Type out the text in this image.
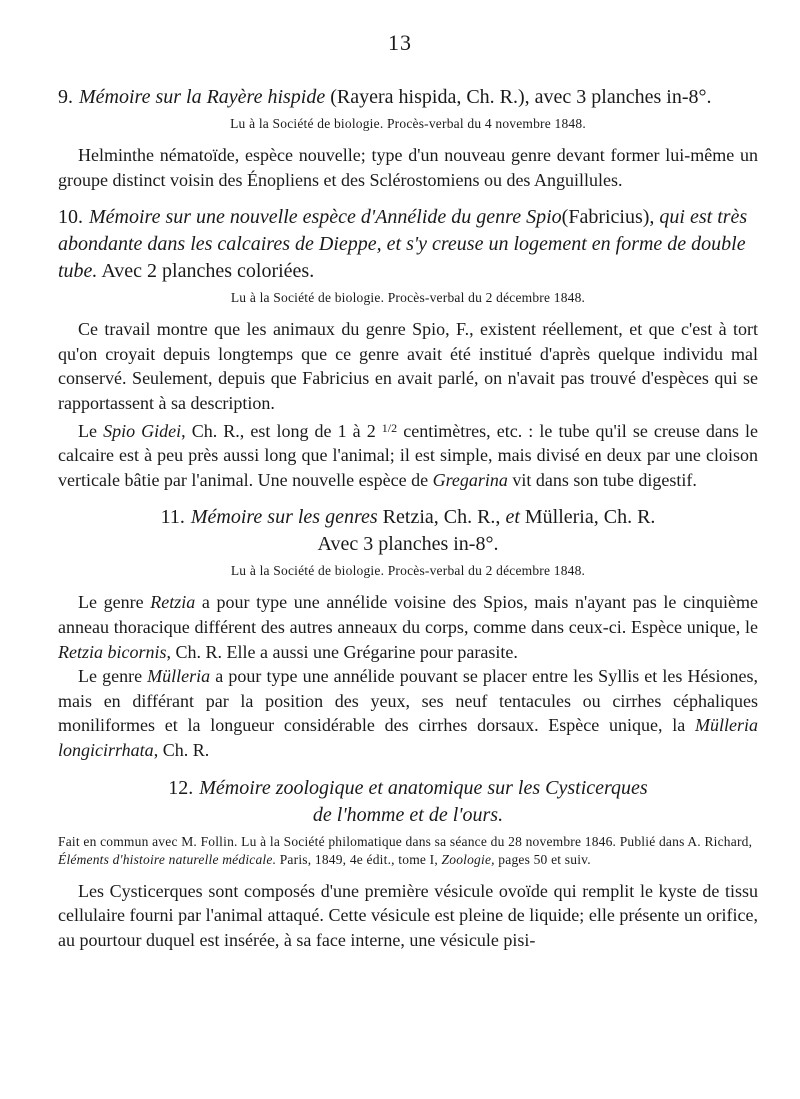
13

9. Mémoire sur la Rayère hispide (Rayera hispida, Ch. R.), avec 3 planches in-8°.

Lu à la Société de biologie. Procès-verbal du 4 novembre 1848.

Helminthe nématoïde, espèce nouvelle; type d'un nouveau genre devant former lui-même un groupe distinct voisin des Énopliens et des Sclérostomiens ou des Anguillules.

10. Mémoire sur une nouvelle espèce d'Annélide du genre Spio(Fabricius), qui est très abondante dans les calcaires de Dieppe, et s'y creuse un logement en forme de double tube. Avec 2 planches coloriées.

Lu à la Société de biologie. Procès-verbal du 2 décembre 1848.

Ce travail montre que les animaux du genre Spio, F., existent réellement, et que c'est à tort qu'on croyait depuis longtemps que ce genre avait été institué d'après quelque individu mal conservé. Seulement, depuis que Fabricius en avait parlé, on n'avait pas trouvé d'espèces qui se rapportassent à sa description.

Le Spio Gidei, Ch. R., est long de 1 à 2 $^{1/2}$ centimètres, etc. : le tube qu'il se creuse dans le calcaire est à peu près aussi long que l'animal; il est simple, mais divisé en deux par une cloison verticale bâtie par l'animal. Une nouvelle espèce de Gregarina vit dans son tube digestif.

11. Mémoire sur les genres Retzia, Ch. R., et Mülleria, Ch. R.
Avec 3 planches in-8°.

Lu à la Société de biologie. Procès-verbal du 2 décembre 1848.

Le genre Retzia a pour type une annélide voisine des Spios, mais n'ayant pas le cinquième anneau thoracique différent des autres anneaux du corps, comme dans ceux-ci. Espèce unique, le Retzia bicornis, Ch. R. Elle a aussi une Grégarine pour parasite.

Le genre Mülleria a pour type une annélide pouvant se placer entre les Syllis et les Hésiones, mais en différant par la position des yeux, ses neuf tentacules ou cirrhes céphaliques moniliformes et la longueur considérable des cirrhes dorsaux. Espèce unique, la Mülleria longicirrhata, Ch. R.

12. Mémoire zoologique et anatomique sur les Cysticerques
de l'homme et de l'ours.

Fait en commun avec M. Follin. Lu à la Société philomatique dans sa séance du 28 novembre 1846. Publié dans A. Richard, Éléments d'histoire naturelle médicale. Paris, 1849, 4e édit., tome I, Zoologie, pages 50 et suiv.

Les Cysticerques sont composés d'une première vésicule ovoïde qui remplit le kyste de tissu cellulaire fourni par l'animal attaqué. Cette vésicule est pleine de liquide; elle présente un orifice, au pourtour duquel est insérée, à sa face interne, une vésicule pisi-
